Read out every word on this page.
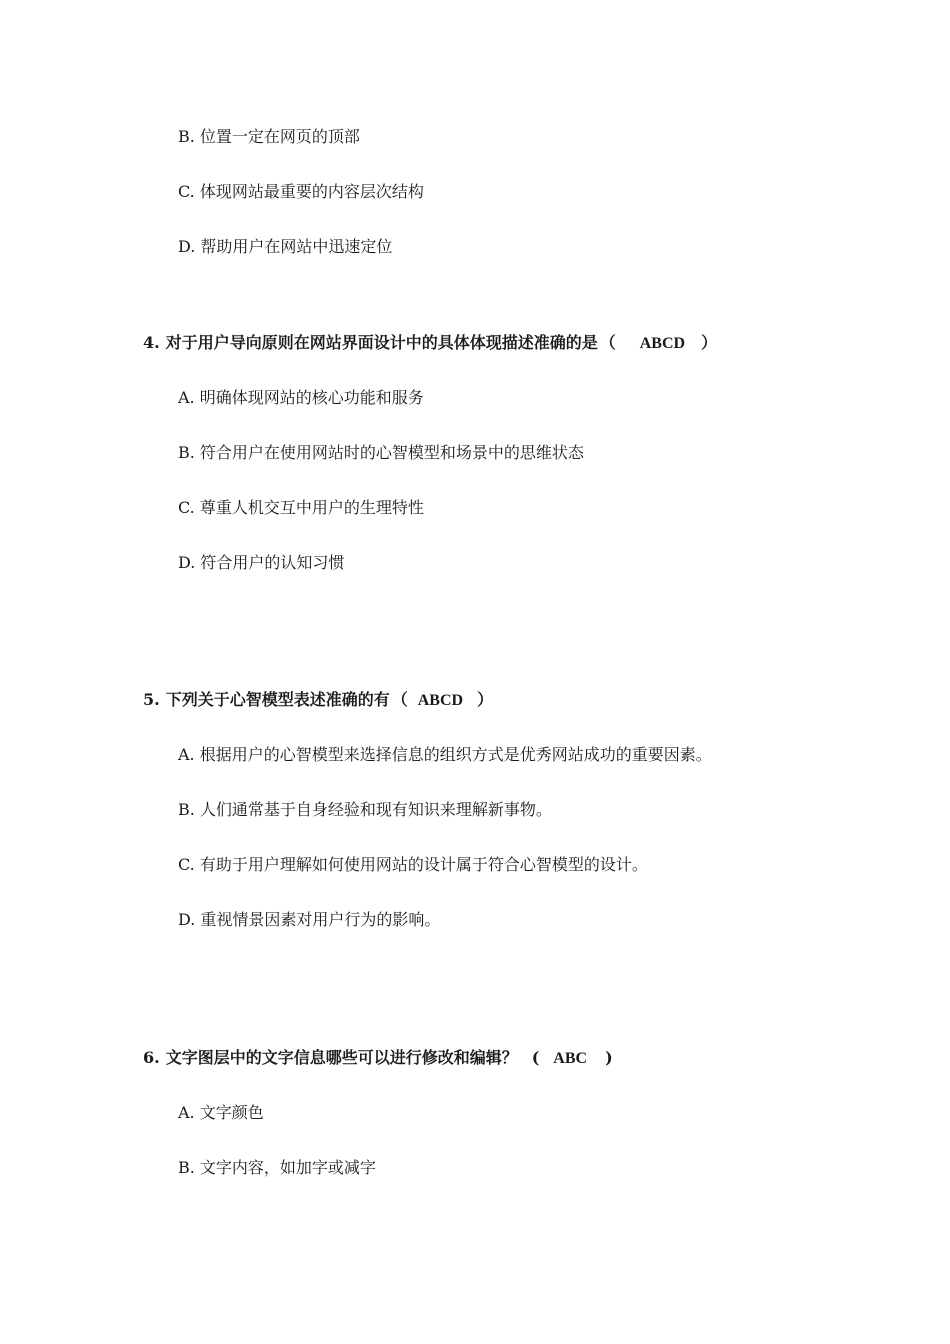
B. 位置一定在网页的顶部
C. 体现网站最重要的内容层次结构
D. 帮助用户在网站中迅速定位
4. 对于用户导向原则在网站界面设计中的具体体现描述准确的是 （ ABCD ）
A. 明确体现网站的核心功能和服务
B. 符合用户在使用网站时的心智模型和场景中的思维状态
C. 尊重人机交互中用户的生理特性
D. 符合用户的认知习惯
5. 下列关于心智模型表述准确的有 （ ABCD ）
A. 根据用户的心智模型来选择信息的组织方式是优秀网站成功的重要因素。
B. 人们通常基于自身经验和现有知识来理解新事物。
C. 有助于用户理解如何使用网站的设计属于符合心智模型的设计。
D. 重视情景因素对用户行为的影响。
6. 文字图层中的文字信息哪些可以进行修改和编辑？ ( ABC )
A. 文字颜色
B. 文字内容，如加字或减字
